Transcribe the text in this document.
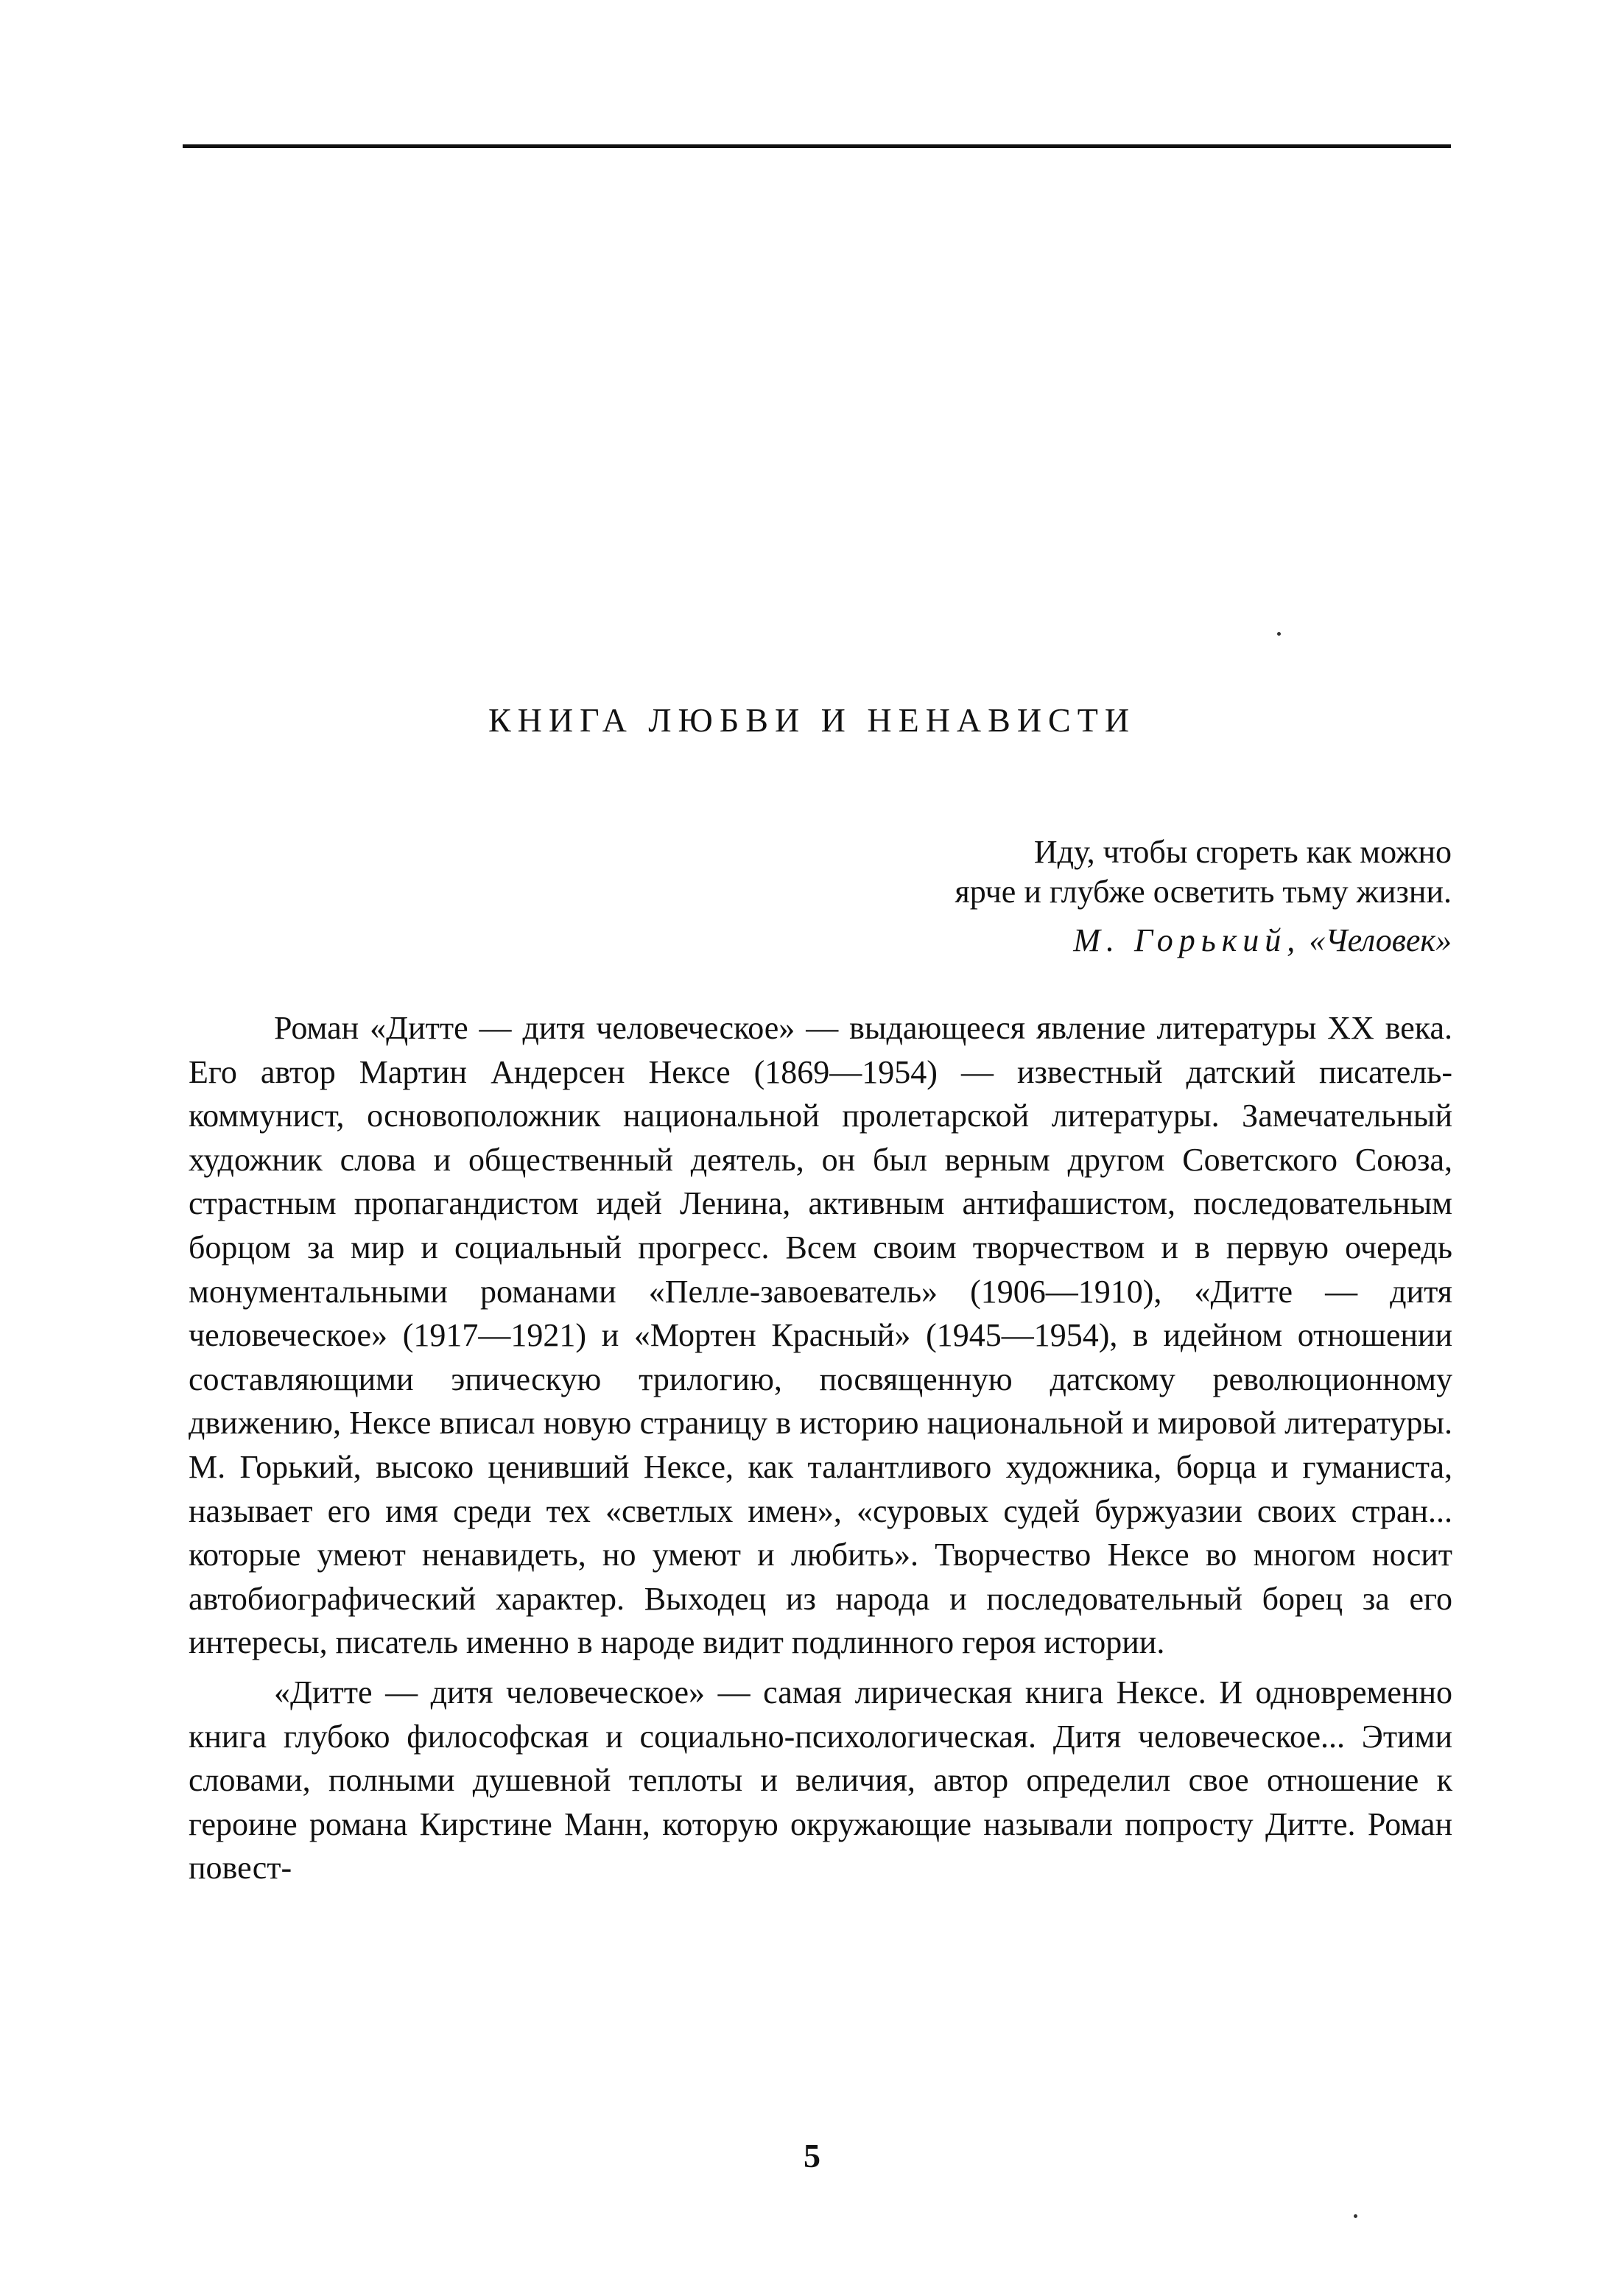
КНИГА ЛЮБВИ И НЕНАВИСТИ
Иду, чтобы сгореть как можно
ярче и глубже осветить тьму жизни.
М. Горький, «Человек»

Роман «Дитте — дитя человеческое» — выдающееся явление литературы XX века. Его автор Мартин Андерсен Нексе (1869—1954) — известный датский писатель-коммунист, основоположник национальной пролетарской литературы. Замечательный художник слова и общественный деятель, он был верным другом Советского Союза, страстным пропагандистом идей Ленина, активным антифашистом, последовательным борцом за мир и социальный прогресс. Всем своим творчеством и в первую очередь монументальными романами «Пелле-завоеватель» (1906—1910), «Дитте — дитя человеческое» (1917—1921) и «Мортен Красный» (1945—1954), в идейном отношении составляющими эпическую трилогию, посвященную датскому революционному движению, Нексе вписал новую страницу в историю национальной и мировой литературы. М. Горький, высоко ценивший Нексе, как талантливого художника, борца и гуманиста, называет его имя среди тех «светлых имен», «суровых судей буржуазии своих стран... которые умеют ненавидеть, но умеют и любить». Творчество Нексе во многом носит автобиографический характер. Выходец из народа и последовательный борец за его интересы, писатель именно в народе видит подлинного героя истории.

«Дитте — дитя человеческое» — самая лирическая книга Нексе. И одновременно книга глубоко философская и социально-психологическая. Дитя человеческое... Этими словами, полными душевной теплоты и величия, автор определил свое отношение к героине романа Кирстине Манн, которую окружающие называли попросту Дитте. Роман повест-

5
